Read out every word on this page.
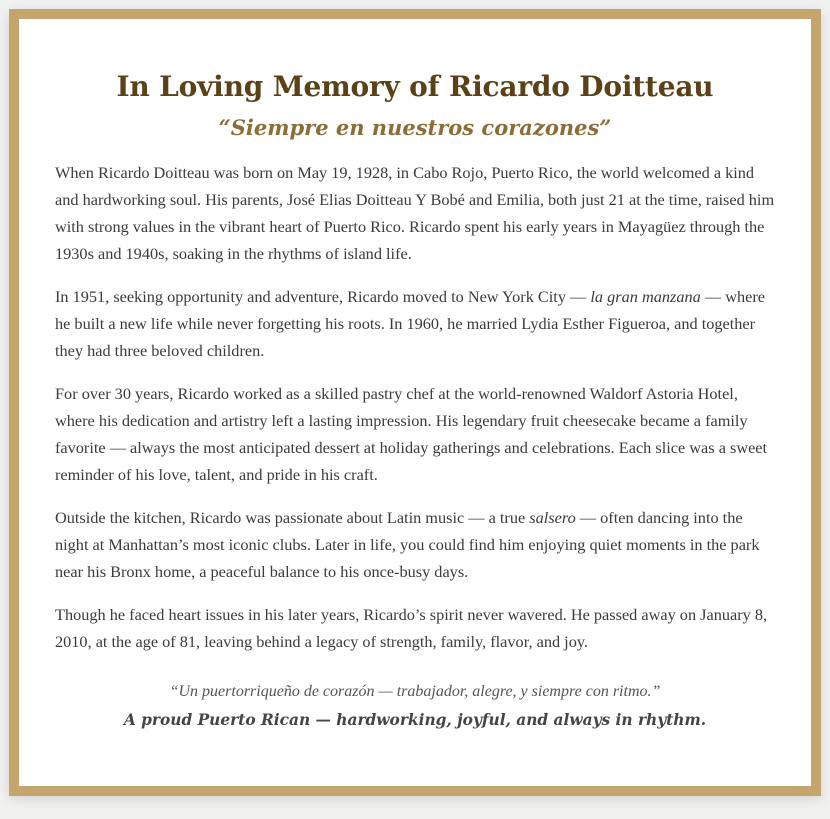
In Loving Memory of Ricardo Doitteau
“Siempre en nuestros corazones”

When Ricardo Doitteau was born on May 19, 1928, in Cabo Rojo, Puerto Rico, the world welcomed a kind and hardworking soul. His parents, José Elias Doitteau Y Bobé and Emilia, both just 21 at the time, raised him with strong values in the vibrant heart of Puerto Rico. Ricardo spent his early years in Mayagüez through the 1930s and 1940s, soaking in the rhythms of island life.

In 1951, seeking opportunity and adventure, Ricardo moved to New York City — la gran manzana — where he built a new life while never forgetting his roots. In 1960, he married Lydia Esther Figueroa, and together they had three beloved children.

For over 30 years, Ricardo worked as a skilled pastry chef at the world-renowned Waldorf Astoria Hotel, where his dedication and artistry left a lasting impression. His legendary fruit cheesecake became a family favorite — always the most anticipated dessert at holiday gatherings and celebrations. Each slice was a sweet reminder of his love, talent, and pride in his craft.

Outside the kitchen, Ricardo was passionate about Latin music — a true salsero — often dancing into the night at Manhattan’s most iconic clubs. Later in life, you could find him enjoying quiet moments in the park near his Bronx home, a peaceful balance to his once-busy days.

Though he faced heart issues in his later years, Ricardo’s spirit never wavered. He passed away on January 8, 2010, at the age of 81, leaving behind a legacy of strength, family, flavor, and joy.

“Un puertorriqueño de corazón — trabajador, alegre, y siempre con ritmo.”
A proud Puerto Rican — hardworking, joyful, and always in rhythm.
